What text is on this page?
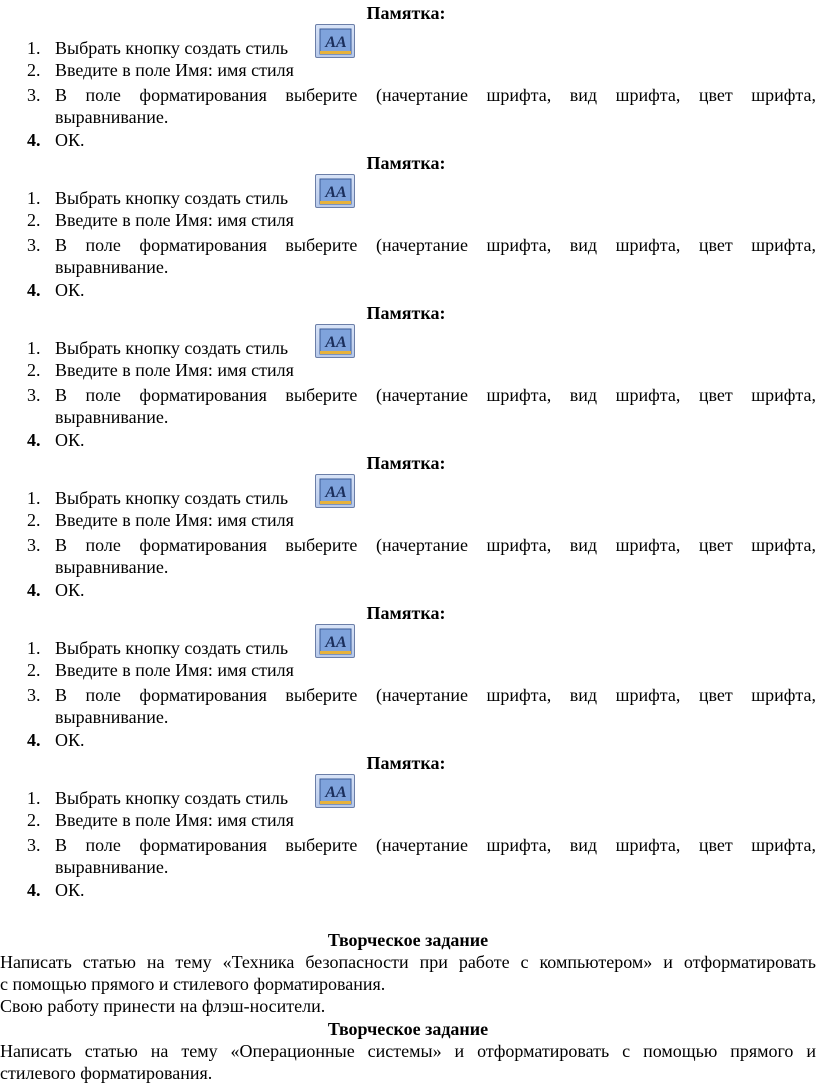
Памятка:
1. Выбрать кнопку создать стиль	AA
2. Введите в поле Имя: имя стиля
3. В поле форматирования выберите (начертание шрифта, вид шрифта, цвет шрифта,
выравнивание.
4. ОК.
Памятка:
1. Выбрать кнопку создать стиль	AA
2. Введите в поле Имя: имя стиля
3. В поле форматирования выберите (начертание шрифта, вид шрифта, цвет шрифта,
выравнивание.
4. ОК.
Памятка:
1. Выбрать кнопку создать стиль	AA
2. Введите в поле Имя: имя стиля
3. В поле форматирования выберите (начертание шрифта, вид шрифта, цвет шрифта,
выравнивание.
4. ОК.
Памятка:
1. Выбрать кнопку создать стиль	AA
2. Введите в поле Имя: имя стиля
3. В поле форматирования выберите (начертание шрифта, вид шрифта, цвет шрифта,
выравнивание.
4. ОК.
Памятка:
1. Выбрать кнопку создать стиль	AA
2. Введите в поле Имя: имя стиля
3. В поле форматирования выберите (начертание шрифта, вид шрифта, цвет шрифта,
выравнивание.
4. ОК.
Памятка:
1. Выбрать кнопку создать стиль	AA
2. Введите в поле Имя: имя стиля
3. В поле форматирования выберите (начертание шрифта, вид шрифта, цвет шрифта,
выравнивание.
4. ОК.
Творческое задание
Написать статью на тему «Техника безопасности при работе с компьютером» и отформатировать
с помощью прямого и стилевого форматирования.
Свою работу принести на флэш-носители.
Творческое задание
Написать статью на тему «Операционные системы» и отформатировать с помощью прямого и
стилевого форматирования.
